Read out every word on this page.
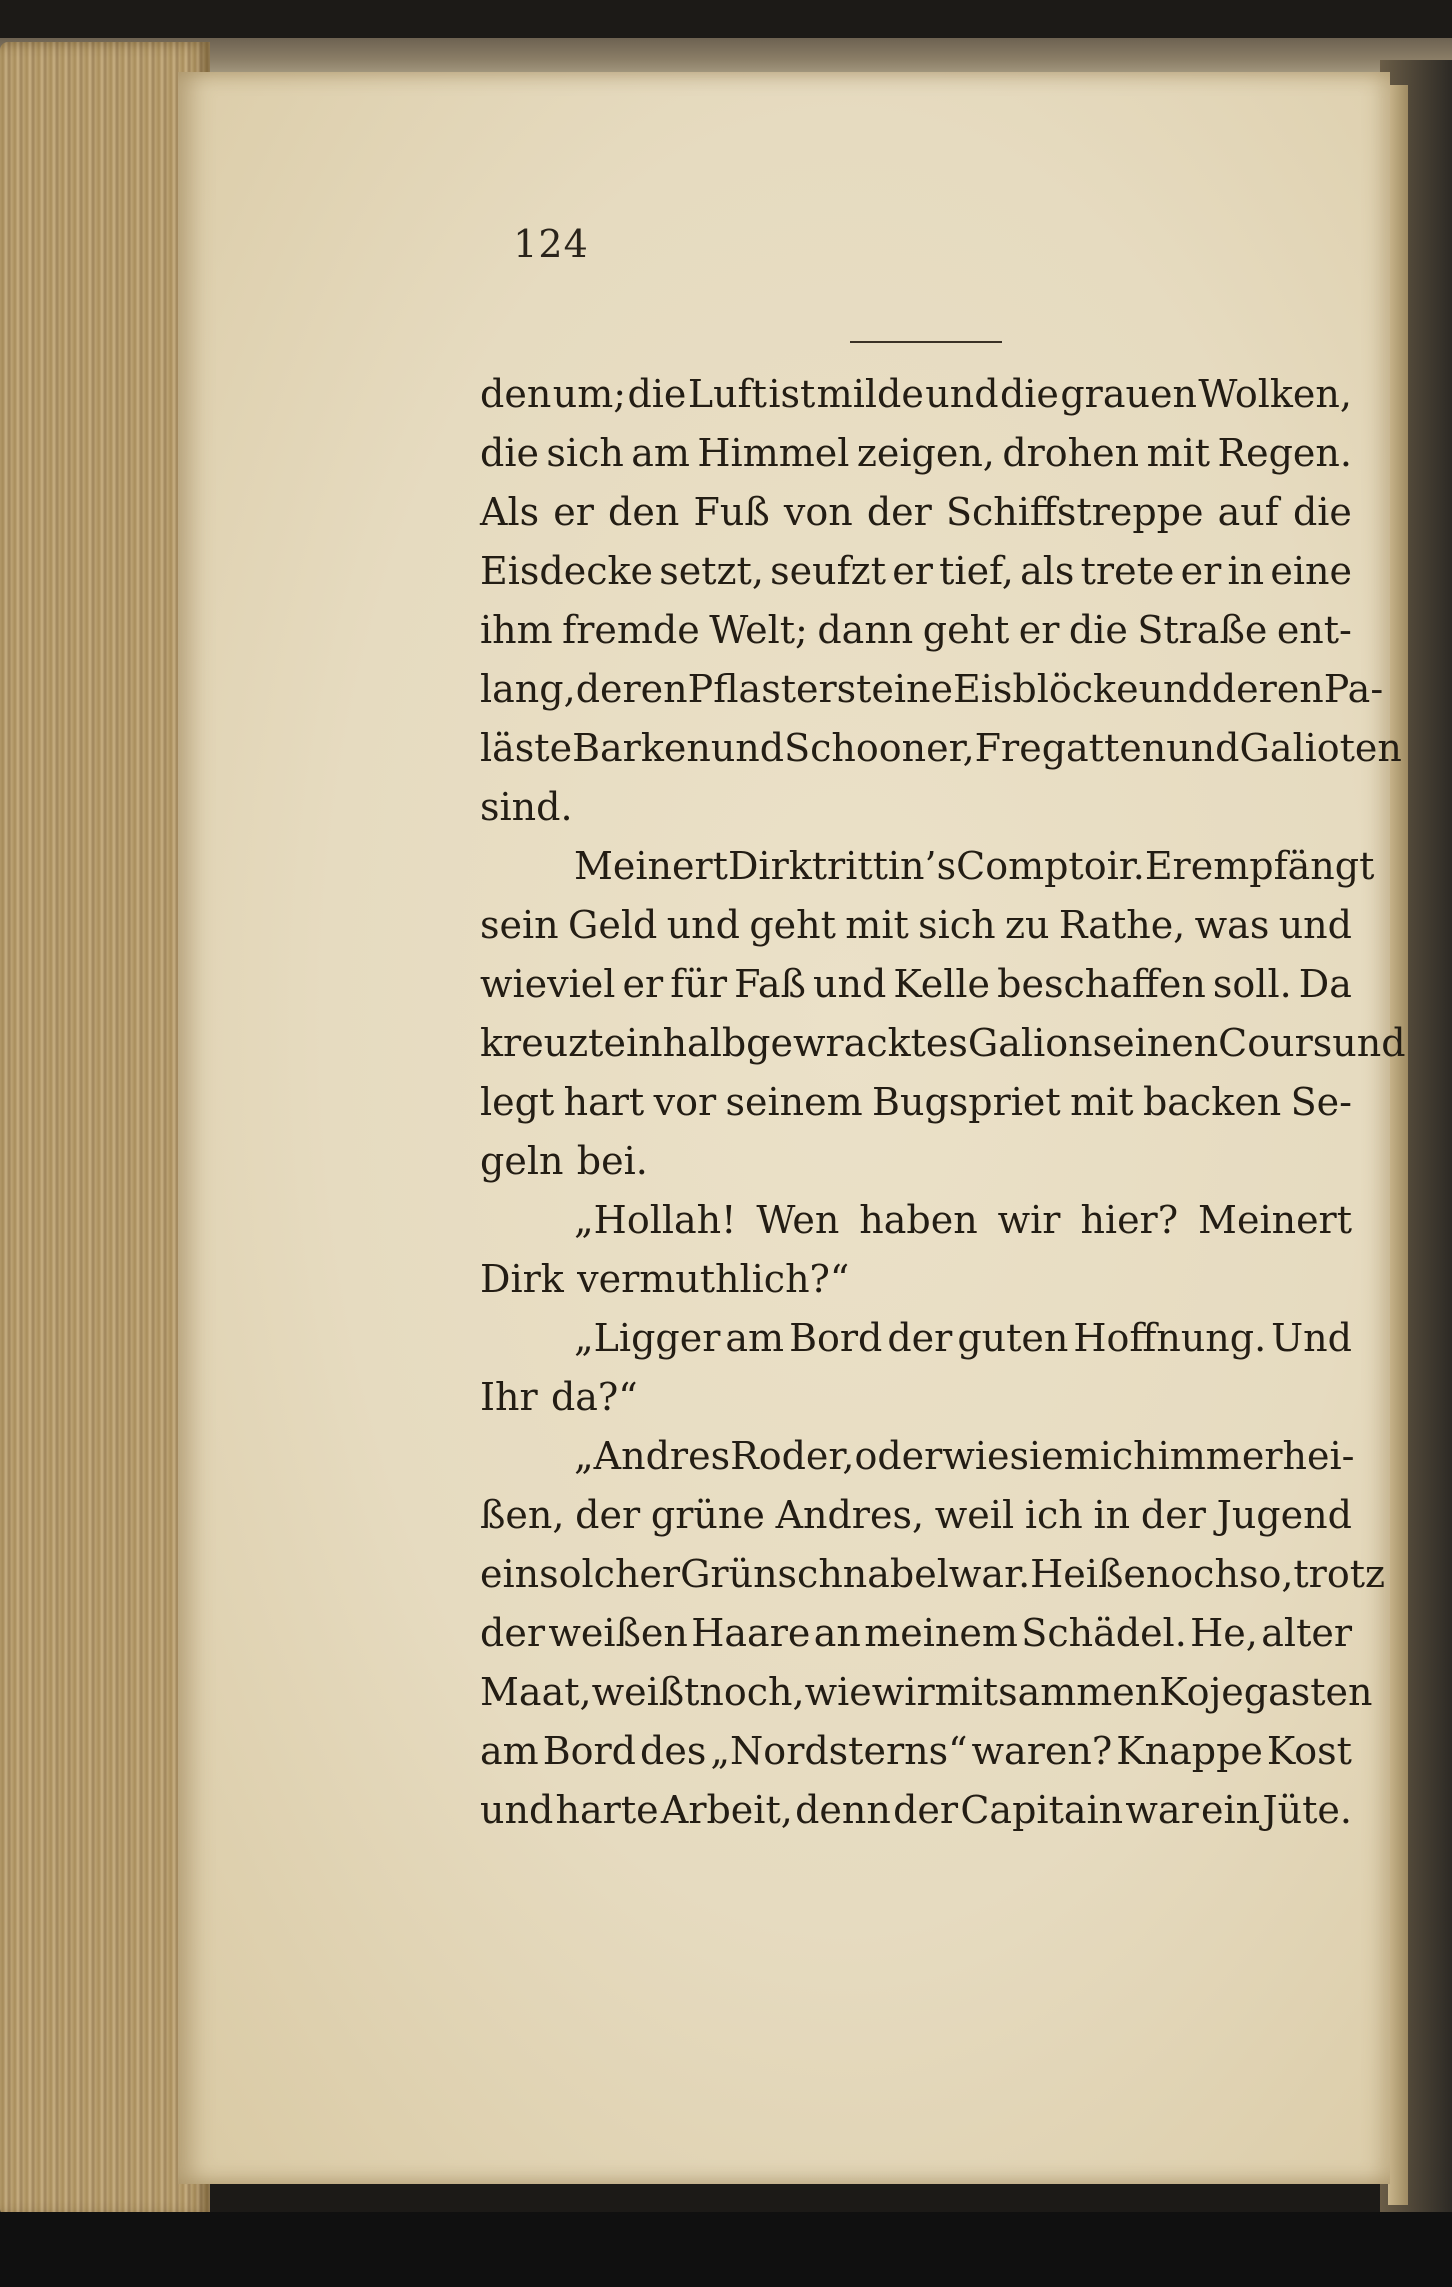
124
den um; die Luft ist milde und die grauen Wolken,
die sich am Himmel zeigen, drohen mit Regen.
Als er den Fuß von der Schiffstreppe auf die
Eisdecke setzt, seufzt er tief, als trete er in eine
ihm fremde Welt; dann geht er die Straße ent-
lang, deren Pflastersteine Eisblöcke und deren Pa-
läste Barken und Schooner, Fregatten und Galioten
sind.
Meinert Dirk tritt in’s Comptoir. Er empfängt
sein Geld und geht mit sich zu Rathe, was und
wieviel er für Faß und Kelle beschaffen soll. Da
kreuzt ein halbgewracktes Galion seinen Cours und
legt hart vor seinem Bugspriet mit backen Se-
geln bei.
„Hollah! Wen haben wir hier? Meinert
Dirk vermuthlich?“
„Ligger am Bord der guten Hoffnung. Und
Ihr da?“
„Andres Roder, oder wie sie mich immer hei-
ßen, der grüne Andres, weil ich in der Jugend
ein solcher Grünschnabel war. Heiße noch so, trotz
der weißen Haare an meinem Schädel. He, alter
Maat, weißt noch, wie wir mitsammen Kojegasten
am Bord des „Nordsterns“ waren? Knappe Kost
und harte Arbeit, denn der Capitain war ein Jüte.
